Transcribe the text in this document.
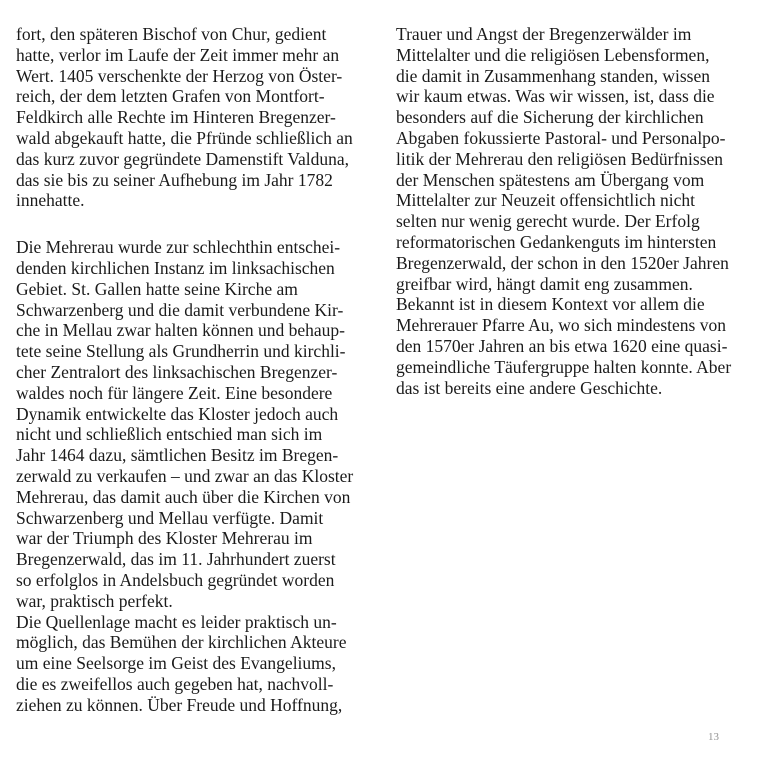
fort, den späteren Bischof von Chur, gedient
hatte, verlor im Laufe der Zeit immer mehr an
Wert. 1405 verschenkte der Herzog von Öster-
reich, der dem letzten Grafen von Montfort-
Feldkirch alle Rechte im Hinteren Bregenzer-
wald abgekauft hatte, die Pfründe schließlich an
das kurz zuvor gegründete Damenstift Valduna,
das sie bis zu seiner Aufhebung im Jahr 1782
innehatte.
Die Mehrerau wurde zur schlechthin entschei-
denden kirchlichen Instanz im linksachischen
Gebiet. St. Gallen hatte seine Kirche am
Schwarzenberg und die damit verbundene Kir-
che in Mellau zwar halten können und behaup-
tete seine Stellung als Grundherrin und kirchli-
cher Zentralort des linksachischen Bregenzer-
waldes noch für längere Zeit. Eine besondere
Dynamik entwickelte das Kloster jedoch auch
nicht und schließlich entschied man sich im
Jahr 1464 dazu, sämtlichen Besitz im Bregen-
zerwald zu verkaufen – und zwar an das Kloster
Mehrerau, das damit auch über die Kirchen von
Schwarzenberg und Mellau verfügte. Damit
war der Triumph des Kloster Mehrerau im
Bregenzerwald, das im 11. Jahrhundert zuerst
so erfolglos in Andelsbuch gegründet worden
war, praktisch perfekt.
Die Quellenlage macht es leider praktisch un-
möglich, das Bemühen der kirchlichen Akteure
um eine Seelsorge im Geist des Evangeliums,
die es zweifellos auch gegeben hat, nachvoll-
ziehen zu können. Über Freude und Hoffnung,
Trauer und Angst der Bregenzerwälder im
Mittelalter und die religiösen Lebensformen,
die damit in Zusammenhang standen, wissen
wir kaum etwas. Was wir wissen, ist, dass die
besonders auf die Sicherung der kirchlichen
Abgaben fokussierte Pastoral- und Personalpo-
litik der Mehrerau den religiösen Bedürfnissen
der Menschen spätestens am Übergang vom
Mittelalter zur Neuzeit offensichtlich nicht
selten nur wenig gerecht wurde. Der Erfolg
reformatorischen Gedankenguts im hintersten
Bregenzerwald, der schon in den 1520er Jahren
greifbar wird, hängt damit eng zusammen.
Bekannt ist in diesem Kontext vor allem die
Mehrerauer Pfarre Au, wo sich mindestens von
den 1570er Jahren an bis etwa 1620 eine quasi-
gemeindliche Täufergruppe halten konnte. Aber
das ist bereits eine andere Geschichte.
13
